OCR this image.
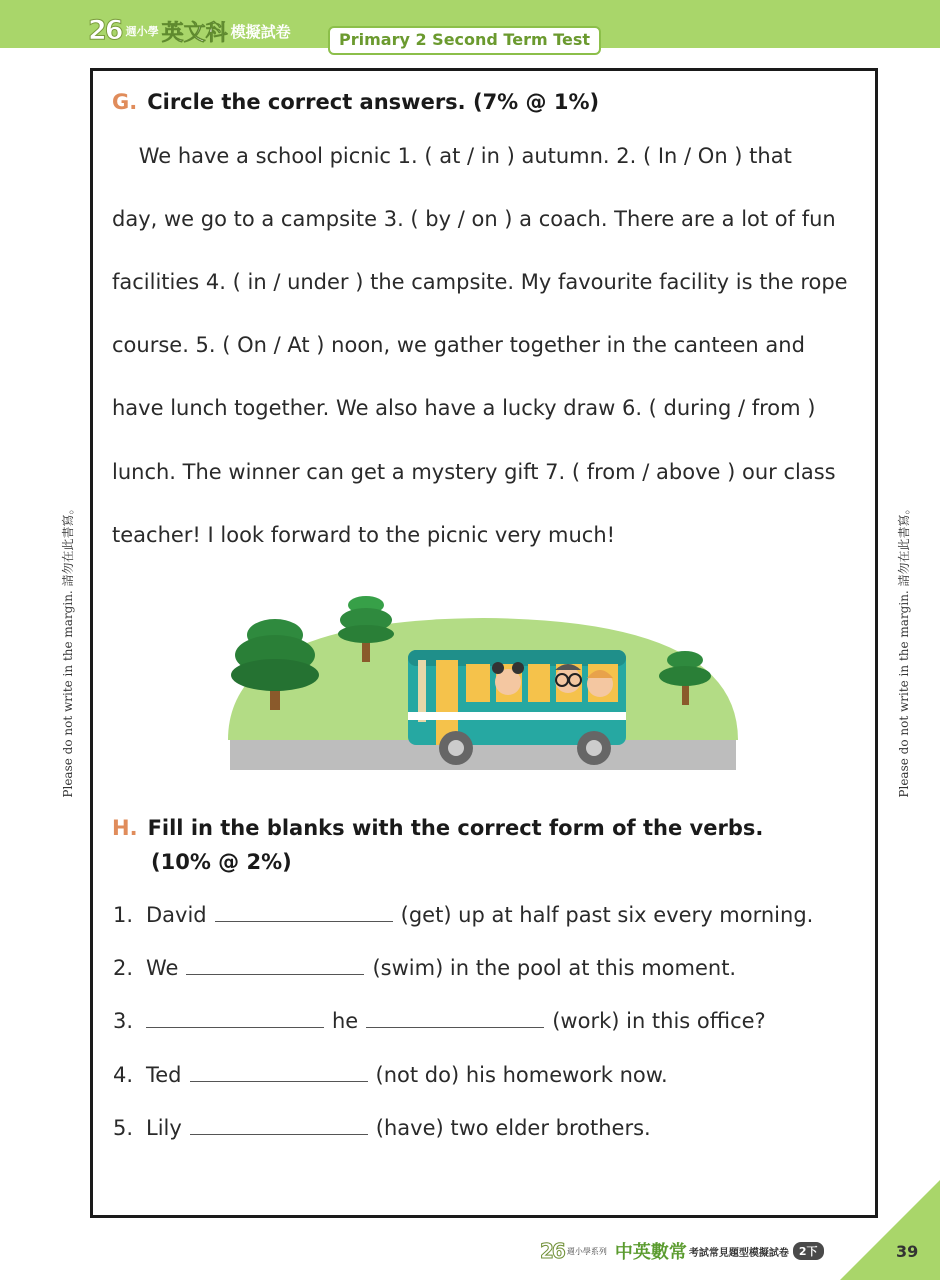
26 週小學 英文科 模擬試卷	Primary 2 Second Term Test
Please do not write in the margin. 請勿在此書寫。	Please do not write in the margin. 請勿在此書寫。
G. Circle the correct answers. (7% @ 1%)
We have a school picnic 1. ( at / in ) autumn. 2. ( In / On ) that
day, we go to a campsite 3. ( by / on ) a coach. There are a lot of fun
facilities 4. ( in / under ) the campsite. My favourite facility is the rope
course. 5. ( On / At ) noon, we gather together in the canteen and
have lunch together. We also have a lucky draw 6. ( during / from )
lunch. The winner can get a mystery gift 7. ( from / above ) our class
teacher! I look forward to the picnic very much!
H. Fill in the blanks with the correct form of the verbs.
(10% @ 2%)
1. David	(get) up at half past six every morning.
2. We	(swim) in the pool at this moment.
3.	he	(work) in this office?
4. Ted	(not do) his homework now.
5. Lily	(have) two elder brothers.
26 週小學系列 中英數常 考試常見題型模擬試卷 2下	39
